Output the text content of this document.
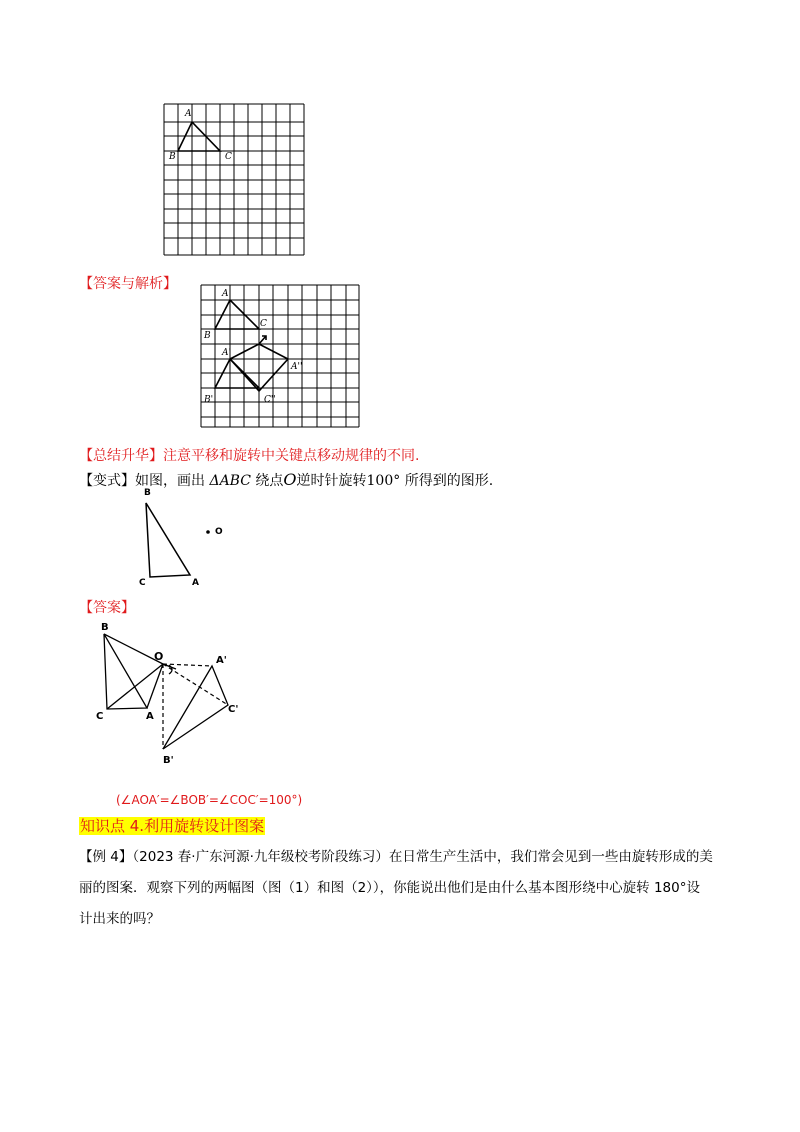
A
B	C
【答案与解析】
A
B
C
A'
B'	C''
A''
【总结升华】注意平移和旋转中关键点移动规律的不同.
【变式】如图，画出 ΔABC 绕点O逆时针旋转100° 所得到的图形.
B
C	A
O
【答案】
B
O	A'
C'
C	A
B'
(∠AOA′=∠BOB′=∠COC′=100°)
知识点 4.利用旋转设计图案
【例 4】（2023 春·广东河源·九年级校考阶段练习）在日常生产生活中，我们常会见到一些由旋转形成的美
丽的图案．观察下列的两幅图（图（1）和图（2）），你能说出他们是由什么基本图形绕中心旋转 180°设
计出来的吗？
